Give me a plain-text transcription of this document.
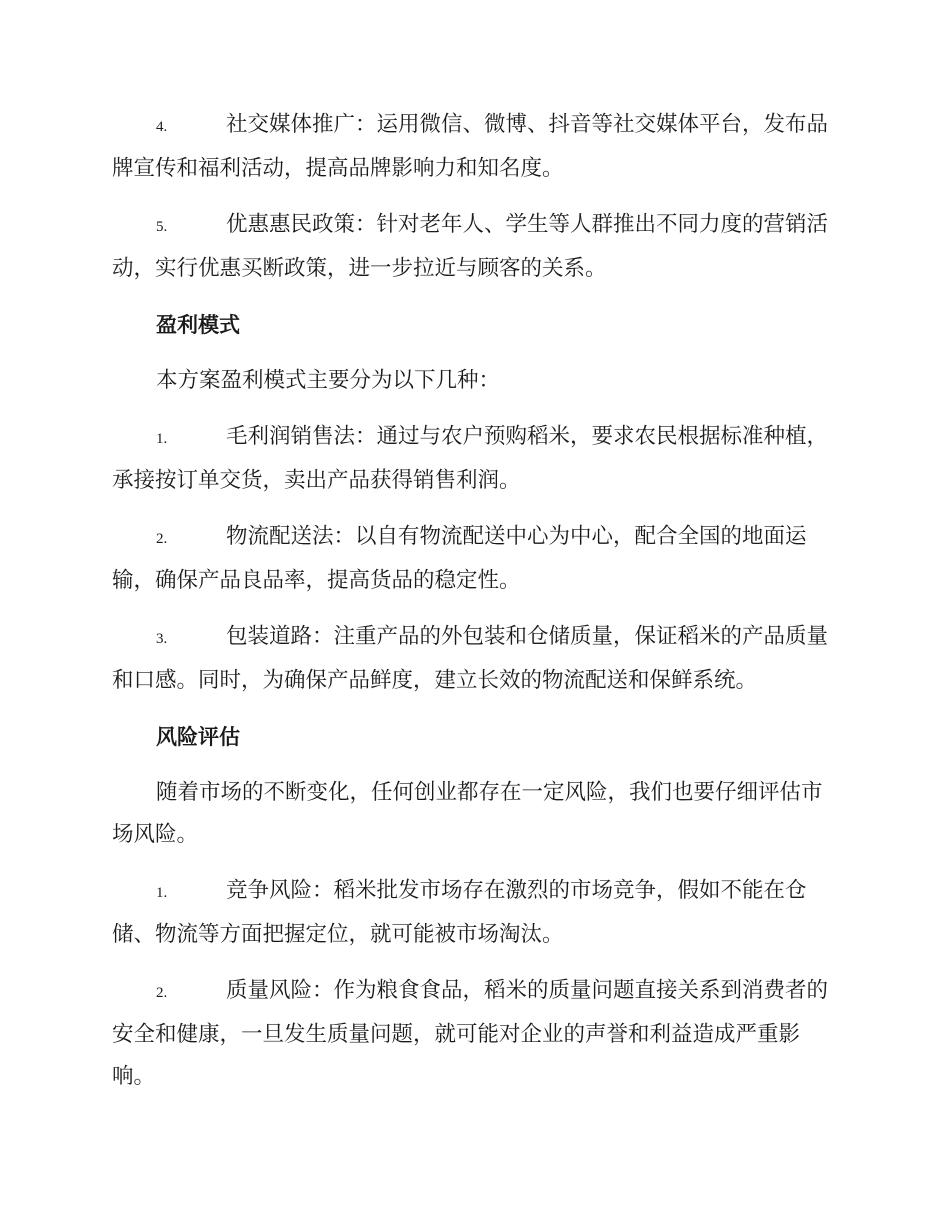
4.	社交媒体推广：运用微信、微博、抖音等社交媒体平台，发布品牌宣传和福利活动，提高品牌影响力和知名度。

5.	优惠惠民政策：针对老年人、学生等人群推出不同力度的营销活动，实行优惠买断政策，进一步拉近与顾客的关系。

盈利模式

本方案盈利模式主要分为以下几种：

1.	毛利润销售法：通过与农户预购稻米，要求农民根据标准种植，承接按订单交货，卖出产品获得销售利润。

2.	物流配送法：以自有物流配送中心为中心，配合全国的地面运输，确保产品良品率，提高货品的稳定性。

3.	包装道路：注重产品的外包装和仓储质量，保证稻米的产品质量和口感。同时，为确保产品鲜度，建立长效的物流配送和保鲜系统。

风险评估

随着市场的不断变化，任何创业都存在一定风险，我们也要仔细评估市场风险。

1.	竞争风险：稻米批发市场存在激烈的市场竞争，假如不能在仓储、物流等方面把握定位，就可能被市场淘汰。

2.	质量风险：作为粮食食品，稻米的质量问题直接关系到消费者的安全和健康，一旦发生质量问题，就可能对企业的声誉和利益造成严重影响。
